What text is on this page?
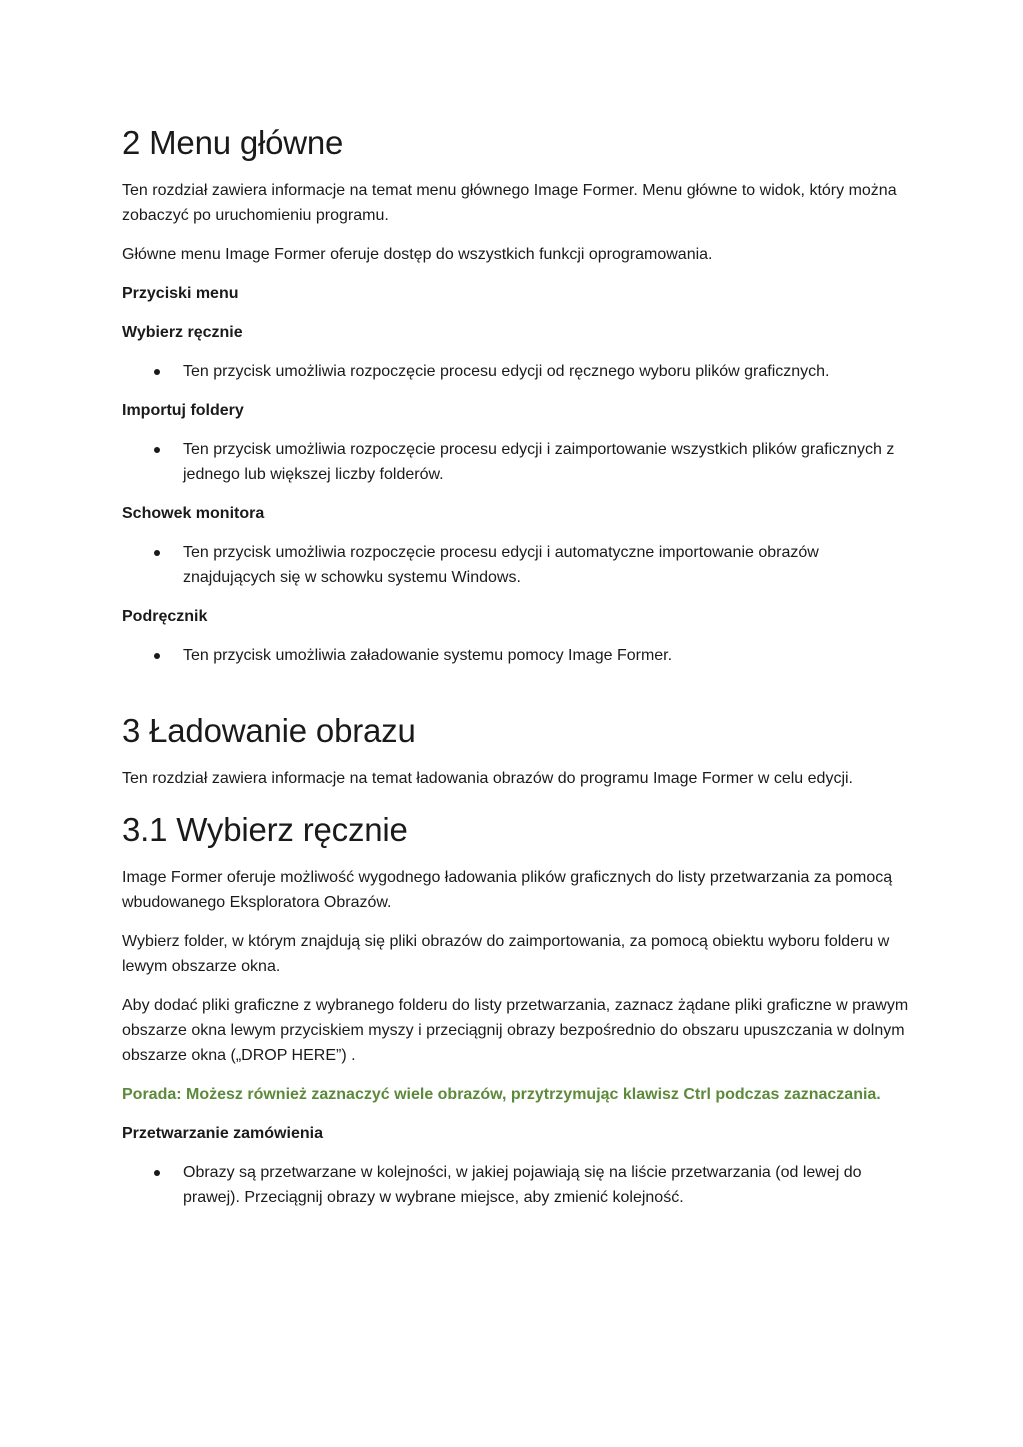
2 Menu główne

Ten rozdział zawiera informacje na temat menu głównego Image Former. Menu główne to widok, który można zobaczyć po uruchomieniu programu.

Główne menu Image Former oferuje dostęp do wszystkich funkcji oprogramowania.

Przyciski menu

Wybierz ręcznie

Ten przycisk umożliwia rozpoczęcie procesu edycji od ręcznego wyboru plików graficznych.

Importuj foldery

Ten przycisk umożliwia rozpoczęcie procesu edycji i zaimportowanie wszystkich plików graficznych z jednego lub większej liczby folderów.

Schowek monitora

Ten przycisk umożliwia rozpoczęcie procesu edycji i automatyczne importowanie obrazów znajdujących się w schowku systemu Windows.

Podręcznik

Ten przycisk umożliwia załadowanie systemu pomocy Image Former.
3 Ładowanie obrazu

Ten rozdział zawiera informacje na temat ładowania obrazów do programu Image Former w celu edycji.

3.1 Wybierz ręcznie

Image Former oferuje możliwość wygodnego ładowania plików graficznych do listy przetwarzania za pomocą wbudowanego Eksploratora Obrazów.

Wybierz folder, w którym znajdują się pliki obrazów do zaimportowania, za pomocą obiektu wyboru folderu w lewym obszarze okna.

Aby dodać pliki graficzne z wybranego folderu do listy przetwarzania, zaznacz żądane pliki graficzne w prawym obszarze okna lewym przyciskiem myszy i przeciągnij obrazy bezpośrednio do obszaru upuszczania w dolnym obszarze okna („DROP HERE”) .

Porada: Możesz również zaznaczyć wiele obrazów, przytrzymując klawisz Ctrl podczas zaznaczania.

Przetwarzanie zamówienia

Obrazy są przetwarzane w kolejności, w jakiej pojawiają się na liście przetwarzania (od lewej do prawej). Przeciągnij obrazy w wybrane miejsce, aby zmienić kolejność.
